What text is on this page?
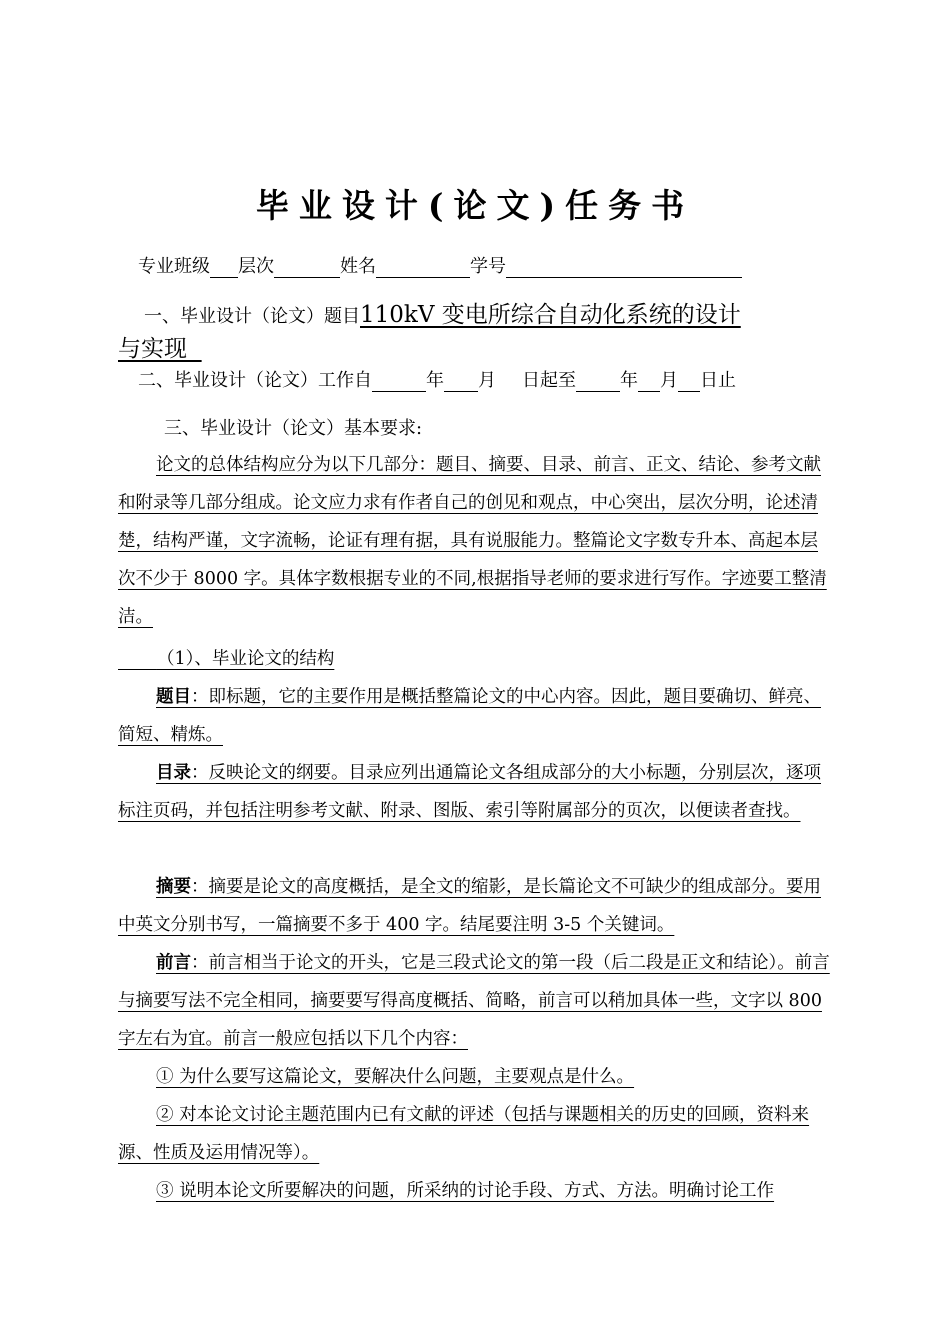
毕业设计(论文)任务书
专业班级 层次	姓名	学号
一、毕业设计（论文）题目110kV 变电所综合自动化系统的设计
与实现
二、毕业设计（论文）工作自	年 月 日起至 年 月 日止
三、毕业设计（论文）基本要求:
论文的总体结构应分为以下几部分：题目、摘要、目录、前言、正文、结论、参考文献和附录等几部分组成。论文应力求有作者自己的创见和观点，中心突出，层次分明，论述清楚，结构严谨，文字流畅，论证有理有据，具有说服能力。整篇论文字数专升本、高起本层次不少于 8000 字。具体字数根据专业的不同,根据指导老师的要求进行写作。字迹要工整清洁。
（1）、毕业论文的结构
题目：即标题，它的主要作用是概括整篇论文的中心内容。因此，题目要确切、鲜亮、简短、精炼。
目录：反映论文的纲要。目录应列出通篇论文各组成部分的大小标题，分别层次，逐项标注页码，并包括注明参考文献、附录、图版、索引等附属部分的页次，以便读者查找。
摘要：摘要是论文的高度概括，是全文的缩影，是长篇论文不可缺少的组成部分。要用中英文分别书写，一篇摘要不多于 400 字。结尾要注明 3-5 个关键词。
前言：前言相当于论文的开头，它是三段式论文的第一段（后二段是正文和结论）。前言与摘要写法不完全相同，摘要要写得高度概括、简略，前言可以稍加具体一些，文字以 800 字左右为宜。前言一般应包括以下几个内容：
① 为什么要写这篇论文，要解决什么问题，主要观点是什么。
② 对本论文讨论主题范围内已有文献的评述（包括与课题相关的历史的回顾，资料来源、性质及运用情况等）。
③ 说明本论文所要解决的问题，所采纳的讨论手段、方式、方法。明确讨论工作
